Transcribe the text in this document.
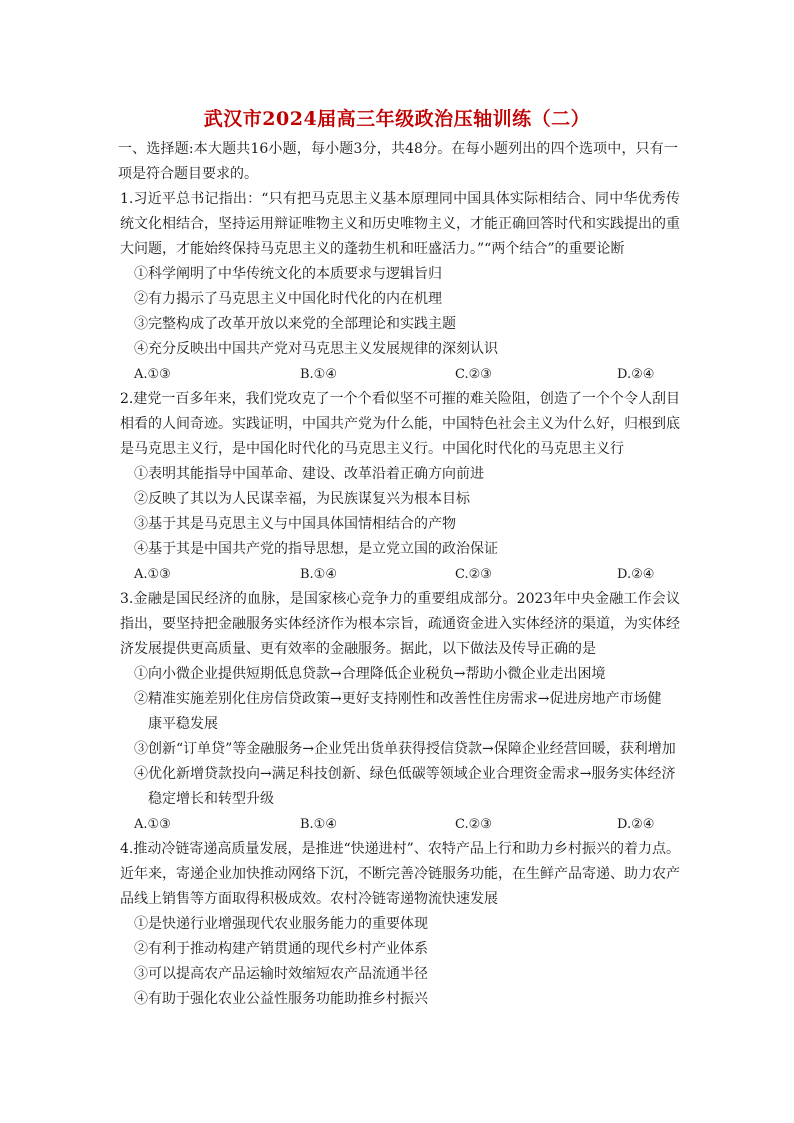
武汉市2024届高三年级政治压轴训练（二）

一、选择题:本大题共16小题，每小题3分，共48分。在每小题列出的四个选项中，只有一项是符合题目要求的。

1.习近平总书记指出：“只有把马克思主义基本原理同中国具体实际相结合、同中华优秀传统文化相结合，坚持运用辩证唯物主义和历史唯物主义，才能正确回答时代和实践提出的重大问题，才能始终保持马克思主义的蓬勃生机和旺盛活力。”“两个结合”的重要论断
①科学阐明了中华传统文化的本质要求与逻辑旨归
②有力揭示了马克思主义中国化时代化的内在机理
③完整构成了改革开放以来党的全部理论和实践主题
④充分反映出中国共产党对马克思主义发展规律的深刻认识
A.①③	B.①④	C.②③	D.②④
2.建党一百多年来，我们党攻克了一个个看似坚不可摧的难关险阻，创造了一个个令人刮目相看的人间奇迹。实践证明，中国共产党为什么能，中国特色社会主义为什么好，归根到底是马克思主义行，是中国化时代化的马克思主义行。中国化时代化的马克思主义行
①表明其能指导中国革命、建设、改革沿着正确方向前进
②反映了其以为人民谋幸福，为民族谋复兴为根本目标
③基于其是马克思主义与中国具体国情相结合的产物
④基于其是中国共产党的指导思想，是立党立国的政治保证
A.①③	B.①④	C.②③	D.②④
3.金融是国民经济的血脉，是国家核心竞争力的重要组成部分。2023年中央金融工作会议指出，要坚持把金融服务实体经济作为根本宗旨，疏通资金进入实体经济的渠道，为实体经济发展提供更高质量、更有效率的金融服务。据此，以下做法及传导正确的是
①向小微企业提供短期低息贷款→合理降低企业税负→帮助小微企业走出困境
②精准实施差别化住房信贷政策→更好支持刚性和改善性住房需求→促进房地产市场健
康平稳发展
③创新“订单贷”等金融服务→企业凭出货单获得授信贷款→保障企业经营回暖，获利增加
④优化新增贷款投向→满足科技创新、绿色低碳等领域企业合理资金需求→服务实体经济
稳定增长和转型升级
A.①③	B.①④	C.②③	D.②④
4.推动冷链寄递高质量发展，是推进“快递进村”、农特产品上行和助力乡村振兴的着力点。近年来，寄递企业加快推动网络下沉，不断完善冷链服务功能，在生鲜产品寄递、助力农产品线上销售等方面取得积极成效。农村冷链寄递物流快速发展
①是快递行业增强现代农业服务能力的重要体现
②有利于推动构建产销贯通的现代乡村产业体系
③可以提高农产品运输时效缩短农产品流通半径
④有助于强化农业公益性服务功能助推乡村振兴
